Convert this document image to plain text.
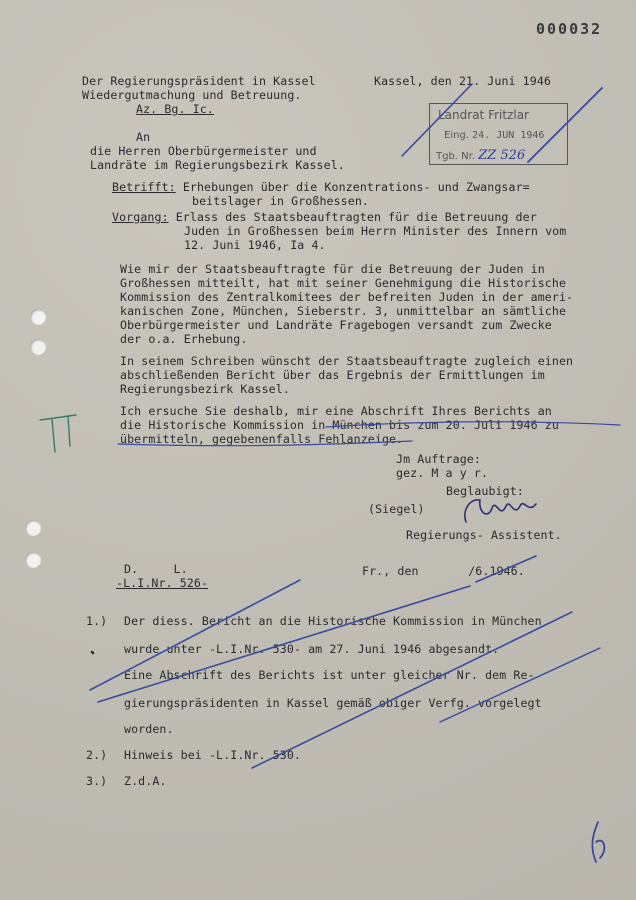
000032
Der Regierungspräsident in Kassel
Wiedergutmachung und Betreuung.
Az. Bg. Ic.
Kassel, den 21. Juni 1946
Landrat Fritzlar
Eing. 24. JUN 1946
Tgb. Nr. ZZ 526
An
die Herren Oberbürgermeister und
Landräte im Regierungsbezirk Kassel.
Betrifft: Erhebungen über die Konzentrations- und Zwangsar=
beitslager in Großhessen.
Vorgang: Erlass des Staatsbeauftragten für die Betreuung der
Juden in Großhessen beim Herrn Minister des Innern vom
12. Juni 1946, Ia 4.
Wie mir der Staatsbeauftragte für die Betreuung der Juden in
Großhessen mitteilt, hat mit seiner Genehmigung die Historische
Kommission des Zentralkomitees der befreiten Juden in der ameri-
kanischen Zone, München, Sieberstr. 3, unmittelbar an sämtliche
Oberbürgermeister und Landräte Fragebogen versandt zum Zwecke
der o.a. Erhebung.
In seinem Schreiben wünscht der Staatsbeauftragte zugleich einen
abschließenden Bericht über das Ergebnis der Ermittlungen im
Regierungsbezirk Kassel.
Ich ersuche Sie deshalb, mir eine Abschrift Ihres Berichts an
die Historische Kommission in München bis zum 20. Juli 1946 zu
übermitteln, gegebenenfalls Fehlanzeige.
Jm Auftrage:
gez. M a y r.
Beglaubigt:
(Siegel)
Regierungs- Assistent.
D.     L.
-L.I.Nr. 526-
Fr., den       /6.1946.
1.) Der diess. Bericht an die Historische Kommission in München
wurde unter -L.I.Nr. 530- am 27. Juni 1946 abgesandt.
Eine Abschrift des Berichts ist unter gleicher Nr. dem Re-
gierungspräsidenten in Kassel gemäß obiger Verfg. vorgelegt
worden.
2.) Hinweis bei -L.I.Nr. 530.
3.) Z.d.A.
